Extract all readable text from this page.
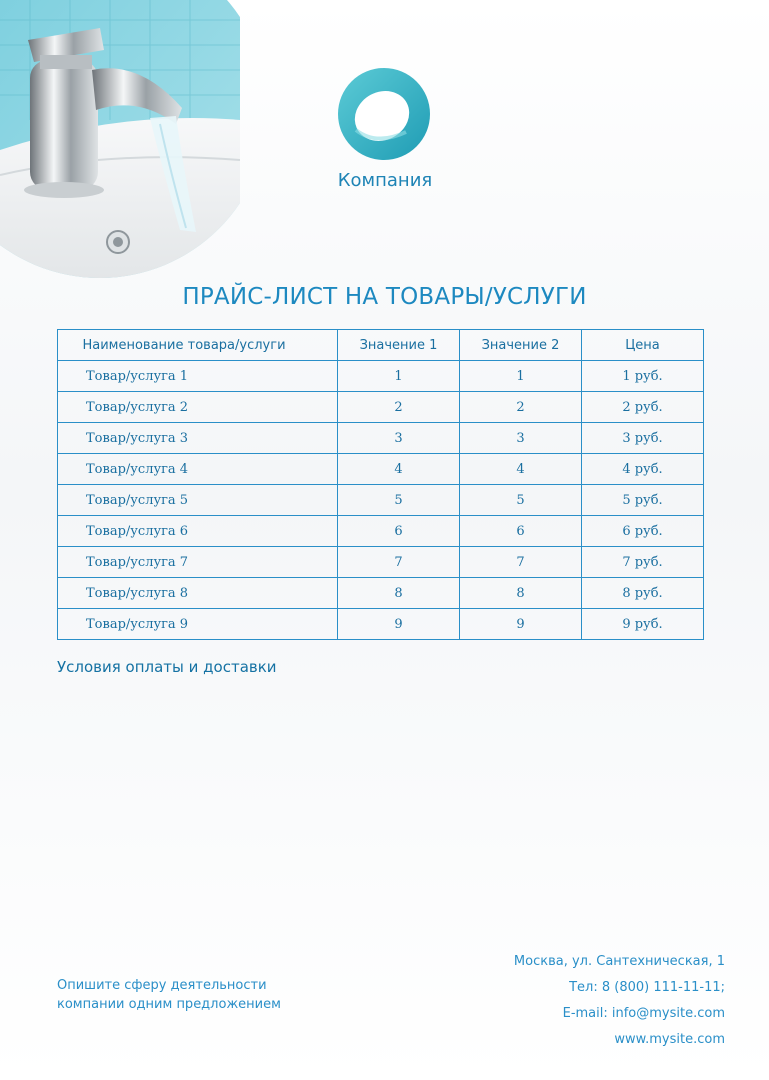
Компания
ПРАЙС-ЛИСТ НА ТОВАРЫ/УСЛУГИ
Наименование товара/услуги	Значение 1	Значение 2	Цена
Товар/услуга 1	1	1	1 руб.
Товар/услуга 2	2	2	2 руб.
Товар/услуга 3	3	3	3 руб.
Товар/услуга 4	4	4	4 руб.
Товар/услуга 5	5	5	5 руб.
Товар/услуга 6	6	6	6 руб.
Товар/услуга 7	7	7	7 руб.
Товар/услуга 8	8	8	8 руб.
Товар/услуга 9	9	9	9 руб.
Условия оплаты и доставки
Опишите сферу деятельности
компании одним предложением
Москва, ул. Сантехническая, 1
Тел: 8 (800) 111-11-11;
E-mail: info@mysite.com
www.mysite.com
